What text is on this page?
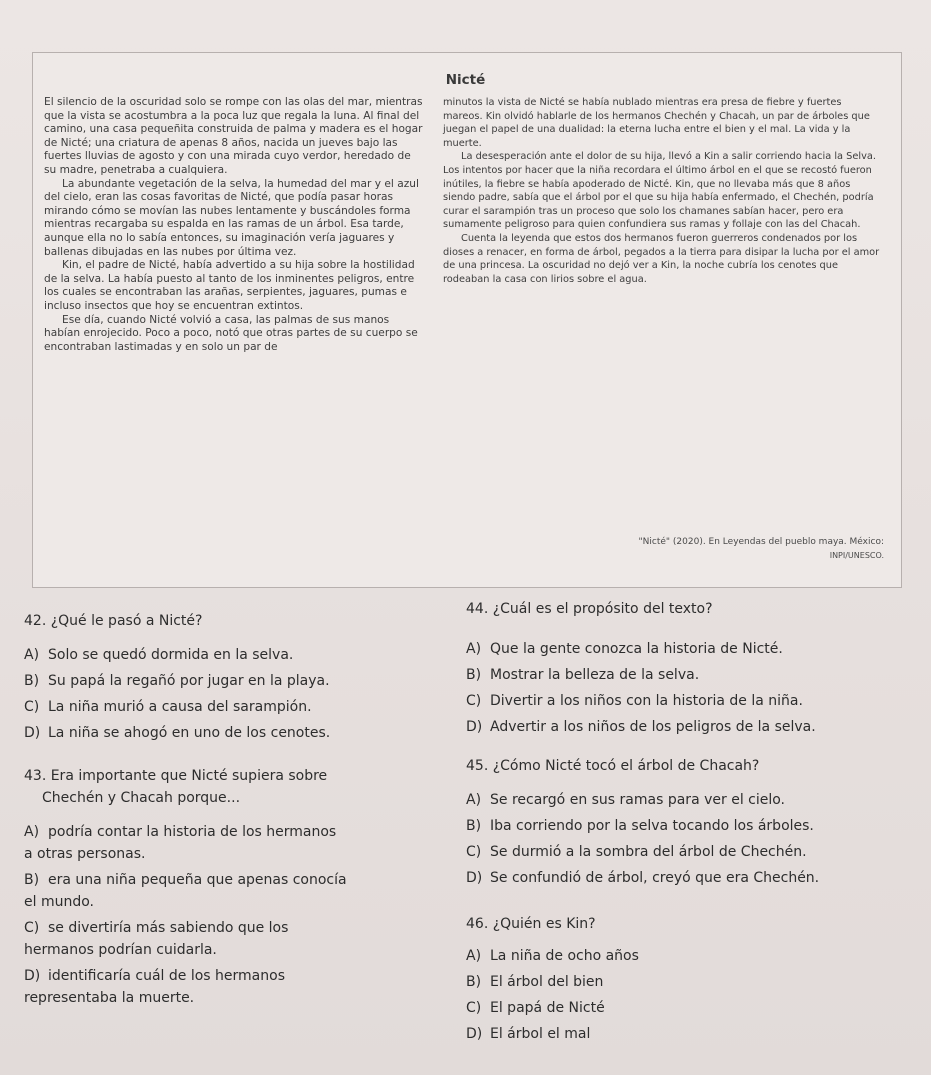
Nicté

El silencio de la oscuridad solo se rompe con las olas del mar, mientras que la vista se acostumbra a la poca luz que regala la luna. Al final del camino, una casa pequeñita construida de palma y madera es el hogar de Nicté; una criatura de apenas 8 años, nacida un jueves bajo las fuertes lluvias de agosto y con una mirada cuyo verdor, heredado de su madre, penetraba a cualquiera.

La abundante vegetación de la selva, la humedad del mar y el azul del cielo, eran las cosas favoritas de Nicté, que podía pasar horas mirando cómo se movían las nubes lentamente y buscándoles forma mientras recargaba su espalda en las ramas de un árbol. Esa tarde, aunque ella no lo sabía entonces, su imaginación vería jaguares y ballenas dibujadas en las nubes por última vez.

Kin, el padre de Nicté, había advertido a su hija sobre la hostilidad de la selva. La había puesto al tanto de los inminentes peligros, entre los cuales se encontraban las arañas, serpientes, jaguares, pumas e incluso insectos que hoy se encuentran extintos.

Ese día, cuando Nicté volvió a casa, las palmas de sus manos habían enrojecido. Poco a poco, notó que otras partes de su cuerpo se encontraban lastimadas y en solo un par de

minutos la vista de Nicté se había nublado mientras era presa de fiebre y fuertes mareos. Kin olvidó hablarle de los hermanos Chechén y Chacah, un par de árboles que juegan el papel de una dualidad: la eterna lucha entre el bien y el mal. La vida y la muerte.

La desesperación ante el dolor de su hija, llevó a Kin a salir corriendo hacia la Selva. Los intentos por hacer que la niña recordara el último árbol en el que se recostó fueron inútiles, la fiebre se había apoderado de Nicté. Kin, que no llevaba más que 8 años siendo padre, sabía que el árbol por el que su hija había enfermado, el Chechén, podría curar el sarampión tras un proceso que solo los chamanes sabían hacer, pero era sumamente peligroso para quien confundiera sus ramas y follaje con las del Chacah.

Cuenta la leyenda que estos dos hermanos fueron guerreros condenados por los dioses a renacer, en forma de árbol, pegados a la tierra para disipar la lucha por el amor de una princesa. La oscuridad no dejó ver a Kin, la noche cubría los cenotes que rodeaban la casa con lirios sobre el agua.

"Nicté" (2020). En Leyendas del pueblo maya. México:
INPI/UNESCO.
42. ¿Qué le pasó a Nicté?
A) Solo se quedó dormida en la selva.
B) Su papá la regañó por jugar en la playa.
C) La niña murió a causa del sarampión.
D) La niña se ahogó en uno de los cenotes.
43. Era importante que Nicté supiera sobre
Chechén y Chacah porque...
A) podría contar la historia de los hermanos
a otras personas.
B) era una niña pequeña que apenas conocía
el mundo.
C) se divertiría más sabiendo que los
hermanos podrían cuidarla.
D) identificaría cuál de los hermanos
representaba la muerte.
44. ¿Cuál es el propósito del texto?
A) Que la gente conozca la historia de Nicté.
B) Mostrar la belleza de la selva.
C) Divertir a los niños con la historia de la niña.
D) Advertir a los niños de los peligros de la selva.
45. ¿Cómo Nicté tocó el árbol de Chacah?
A) Se recargó en sus ramas para ver el cielo.
B) Iba corriendo por la selva tocando los árboles.
C) Se durmió a la sombra del árbol de Chechén.
D) Se confundió de árbol, creyó que era Chechén.
46. ¿Quién es Kin?
A) La niña de ocho años
B) El árbol del bien
C) El papá de Nicté
D) El árbol el mal
